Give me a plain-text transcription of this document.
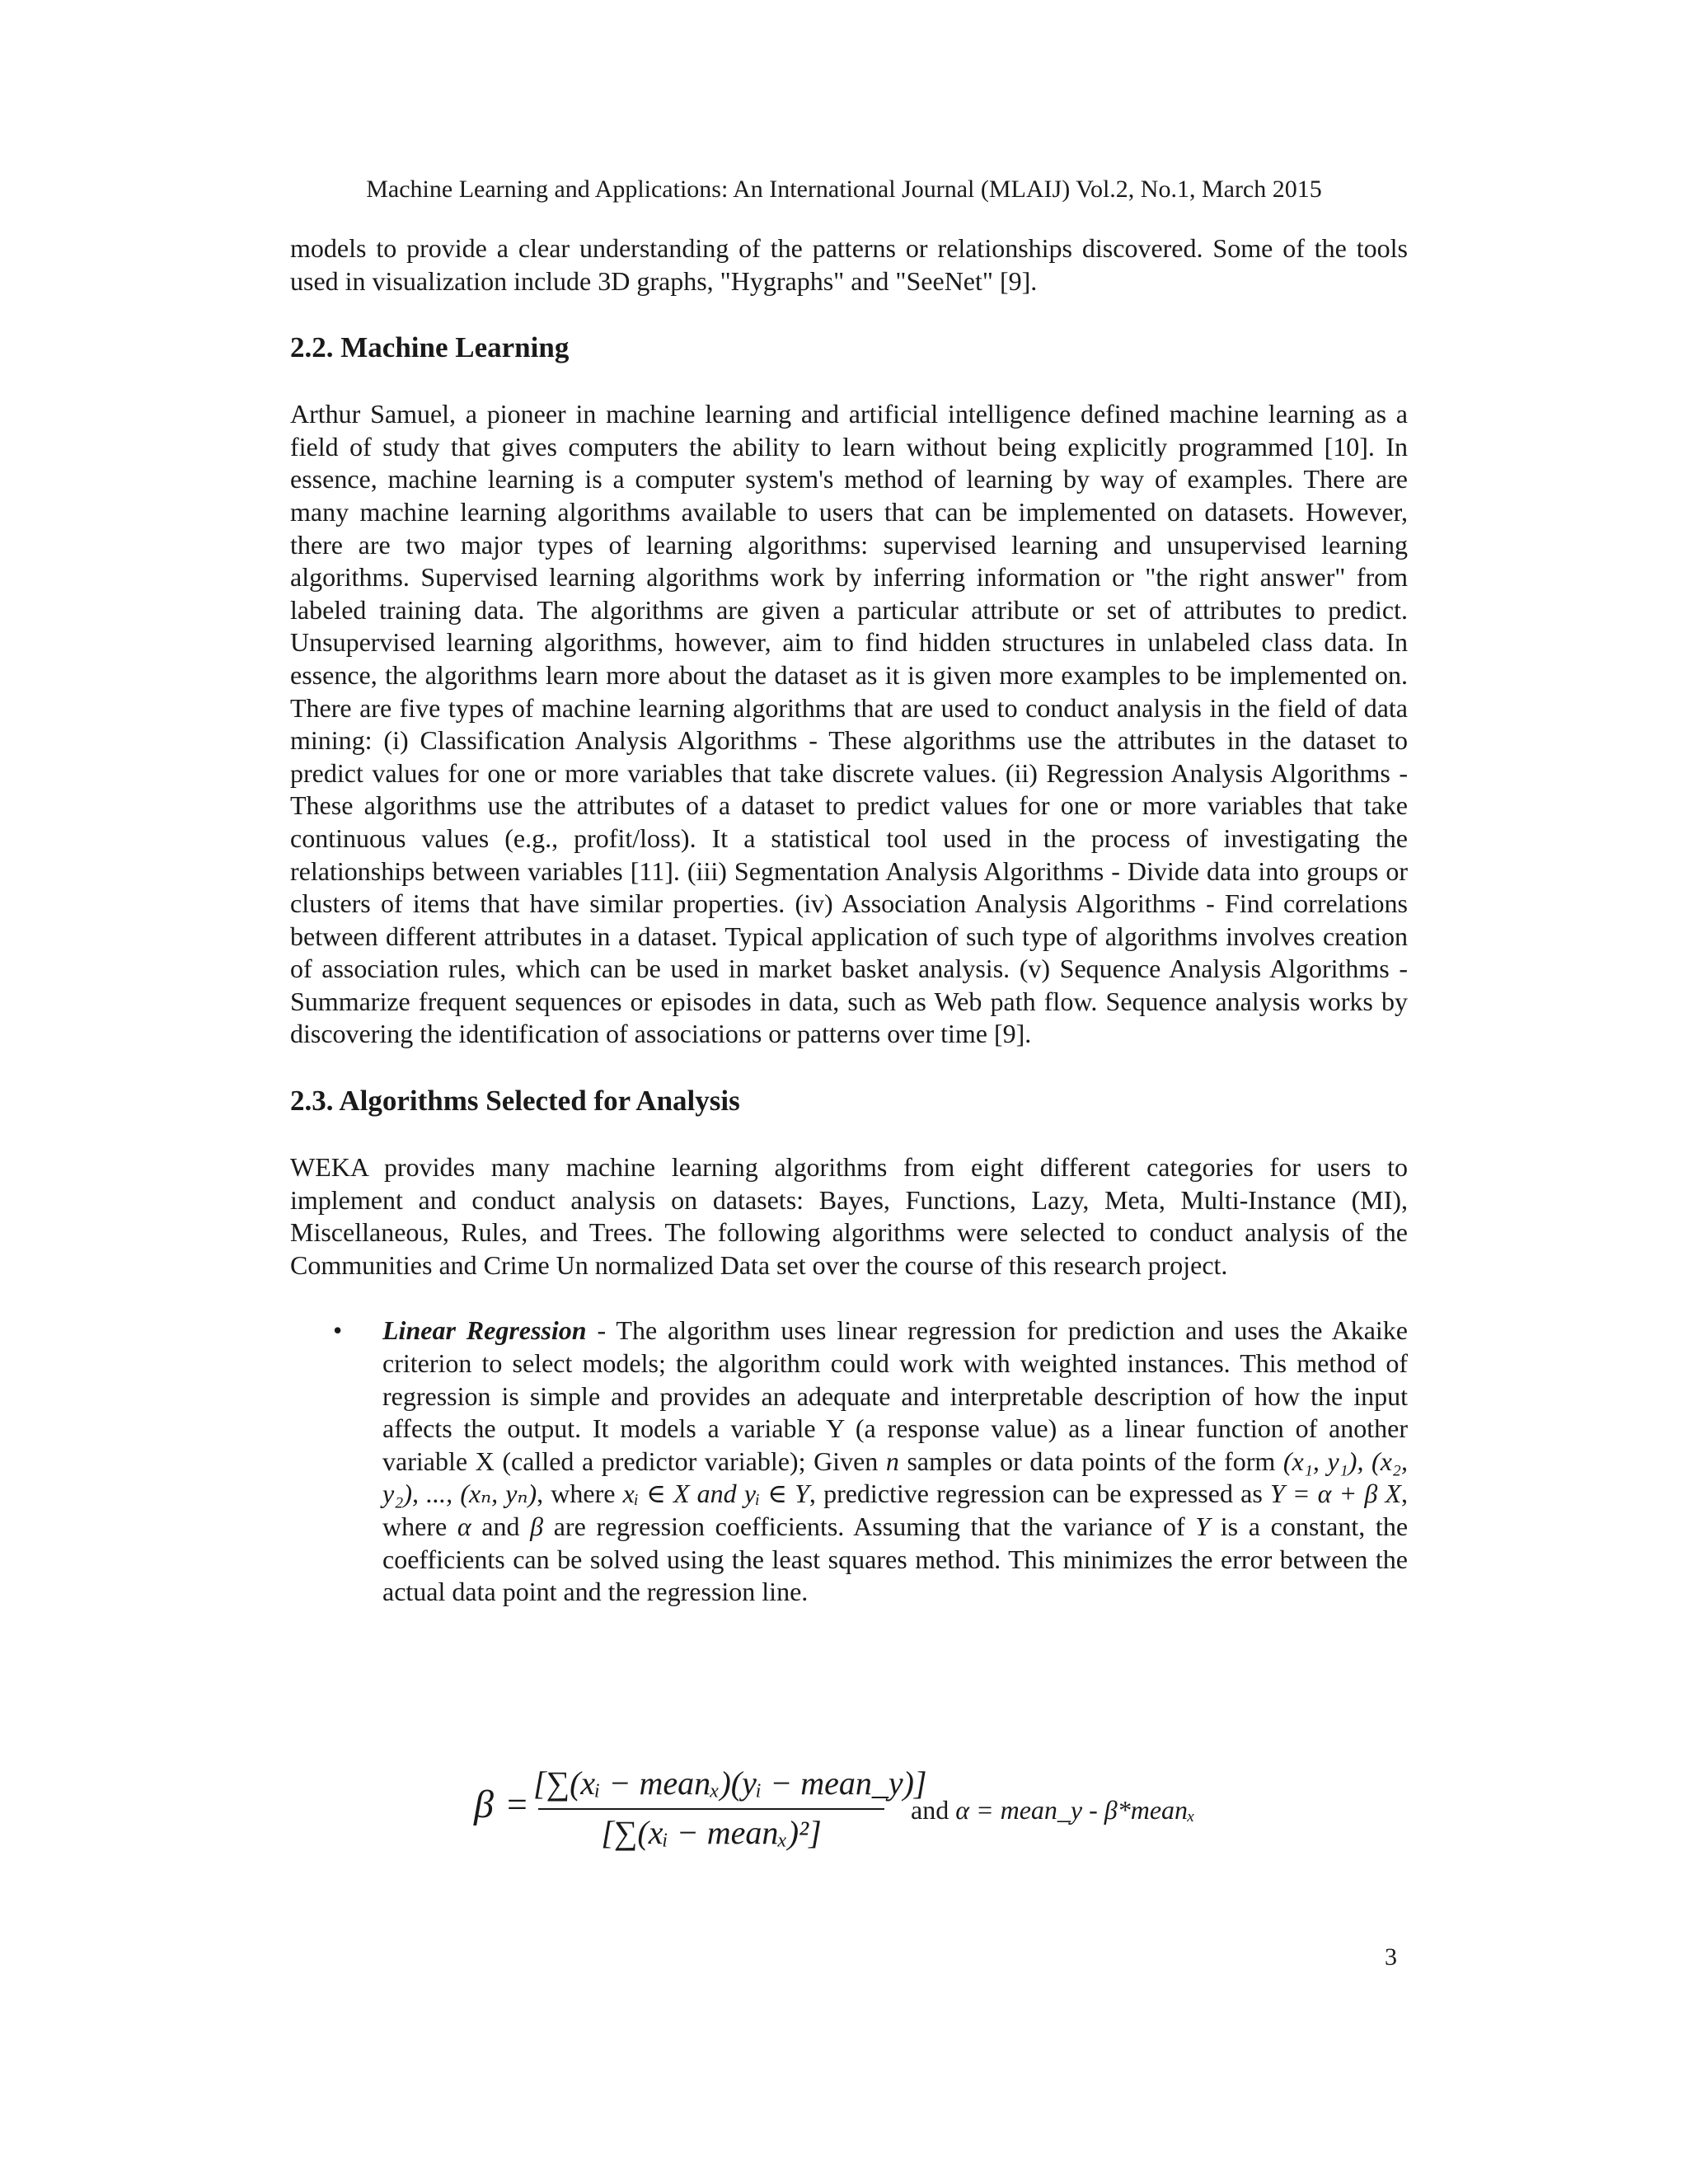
Machine Learning and Applications: An International Journal (MLAIJ) Vol.2, No.1, March 2015

models to provide a clear understanding of the patterns or relationships discovered. Some of the tools used in visualization include 3D graphs, "Hygraphs" and "SeeNet" [9].

2.2. Machine Learning

Arthur Samuel, a pioneer in machine learning and artificial intelligence defined machine learning as a field of study that gives computers the ability to learn without being explicitly programmed [10]. In essence, machine learning is a computer system's method of learning by way of examples. There are many machine learning algorithms available to users that can be implemented on datasets. However, there are two major types of learning algorithms: supervised learning and unsupervised learning algorithms. Supervised learning algorithms work by inferring information or "the right answer" from labeled training data. The algorithms are given a particular attribute or set of attributes to predict. Unsupervised learning algorithms, however, aim to find hidden structures in unlabeled class data. In essence, the algorithms learn more about the dataset as it is given more examples to be implemented on. There are five types of machine learning algorithms that are used to conduct analysis in the field of data mining: (i) Classification Analysis Algorithms - These algorithms use the attributes in the dataset to predict values for one or more variables that take discrete values. (ii) Regression Analysis Algorithms - These algorithms use the attributes of a dataset to predict values for one or more variables that take continuous values (e.g., profit/loss). It a statistical tool used in the process of investigating the relationships between variables [11]. (iii) Segmentation Analysis Algorithms - Divide data into groups or clusters of items that have similar properties. (iv) Association Analysis Algorithms - Find correlations between different attributes in a dataset. Typical application of such type of algorithms involves creation of association rules, which can be used in market basket analysis. (v) Sequence Analysis Algorithms - Summarize frequent sequences or episodes in data, such as Web path flow. Sequence analysis works by discovering the identification of associations or patterns over time [9].

2.3. Algorithms Selected for Analysis

WEKA provides many machine learning algorithms from eight different categories for users to implement and conduct analysis on datasets: Bayes, Functions, Lazy, Meta, Multi-Instance (MI), Miscellaneous, Rules, and Trees. The following algorithms were selected to conduct analysis of the Communities and Crime Un normalized Data set over the course of this research project.

• Linear Regression - The algorithm uses linear regression for prediction and uses the Akaike criterion to select models; the algorithm could work with weighted instances. This method of regression is simple and provides an adequate and interpretable description of how the input affects the output. It models a variable Y (a response value) as a linear function of another variable X (called a predictor variable); Given n samples or data points of the form (x₁, y₁), (x₂, y₂), ..., (xₙ, yₙ), where xᵢ ∈ X and yᵢ ∈ Y, predictive regression can be expressed as Y = α + β X, where α and β are regression coefficients. Assuming that the variance of Y is a constant, the coefficients can be solved using the least squares method. This minimizes the error between the actual data point and the regression line.
β =
[∑(xᵢ − meanₓ)(yᵢ − mean_y)]
[∑(xᵢ − meanₓ)²]
and α = mean_y - β*meanₓ
3
